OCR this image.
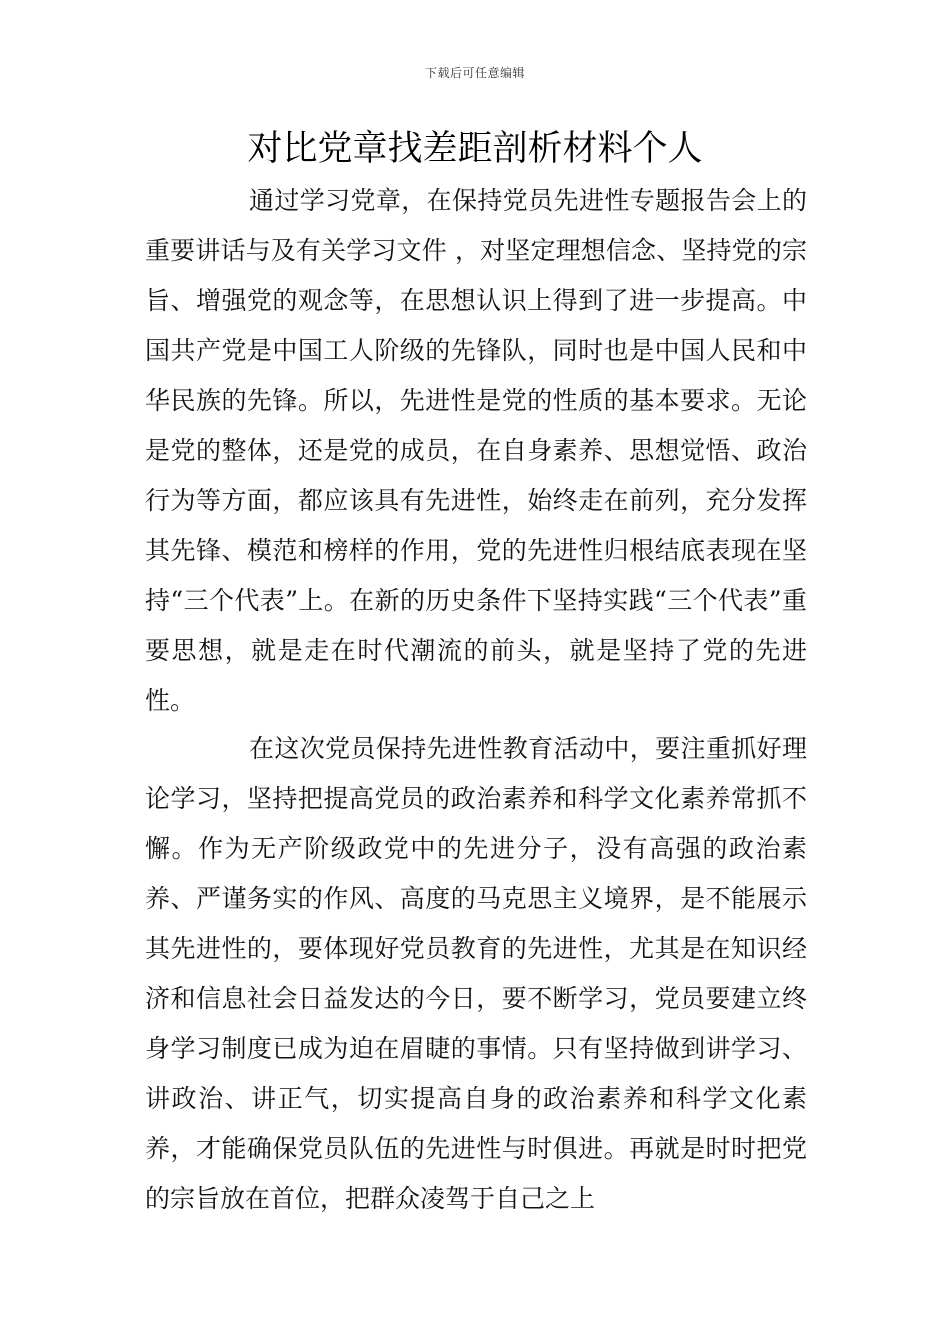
下载后可任意编辑
对比党章找差距剖析材料个人

通过学习党章，在保持党员先进性专题报告会上的重要讲话与及有关学习文件 ，对坚定理想信念、坚持党的宗旨、增强党的观念等，在思想认识上得到了进一步提高。中国共产党是中国工人阶级的先锋队，同时也是中国人民和中华民族的先锋。所以，先进性是党的性质的基本要求。无论是党的整体，还是党的成员，在自身素养、思想觉悟、政治行为等方面，都应该具有先进性，始终走在前列，充分发挥其先锋、模范和榜样的作用，党的先进性归根结底表现在坚持“三个代表”上。在新的历史条件下坚持实践“三个代表”重要思想，就是走在时代潮流的前头，就是坚持了党的先进性。

在这次党员保持先进性教育活动中，要注重抓好理论学习，坚持把提高党员的政治素养和科学文化素养常抓不懈。作为无产阶级政党中的先进分子，没有高强的政治素养、严谨务实的作风、高度的马克思主义境界，是不能展示其先进性的，要体现好党员教育的先进性，尤其是在知识经济和信息社会日益发达的今日，要不断学习，党员要建立终身学习制度已成为迫在眉睫的事情。只有坚持做到讲学习、讲政治、讲正气，切实提高自身的政治素养和科学文化素养，才能确保党员队伍的先进性与时俱进。再就是时时把党的宗旨放在首位，把群众凌驾于自己之上
